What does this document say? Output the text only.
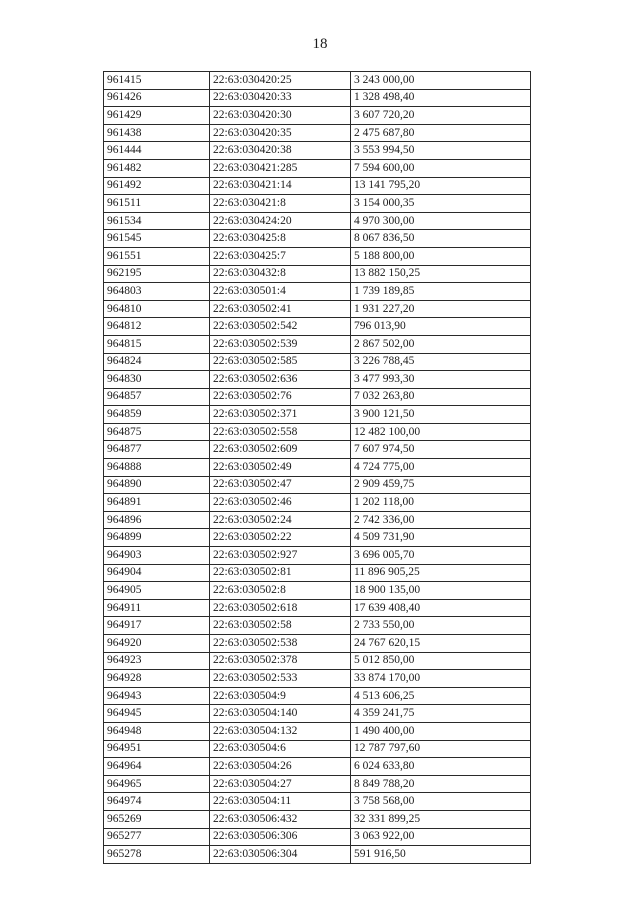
18
961415	22:63:030420:25	3 243 000,00
961426	22:63:030420:33	1 328 498,40
961429	22:63:030420:30	3 607 720,20
961438	22:63:030420:35	2 475 687,80
961444	22:63:030420:38	3 553 994,50
961482	22:63:030421:285	7 594 600,00
961492	22:63:030421:14	13 141 795,20
961511	22:63:030421:8	3 154 000,35
961534	22:63:030424:20	4 970 300,00
961545	22:63:030425:8	8 067 836,50
961551	22:63:030425:7	5 188 800,00
962195	22:63:030432:8	13 882 150,25
964803	22:63:030501:4	1 739 189,85
964810	22:63:030502:41	1 931 227,20
964812	22:63:030502:542	796 013,90
964815	22:63:030502:539	2 867 502,00
964824	22:63:030502:585	3 226 788,45
964830	22:63:030502:636	3 477 993,30
964857	22:63:030502:76	7 032 263,80
964859	22:63:030502:371	3 900 121,50
964875	22:63:030502:558	12 482 100,00
964877	22:63:030502:609	7 607 974,50
964888	22:63:030502:49	4 724 775,00
964890	22:63:030502:47	2 909 459,75
964891	22:63:030502:46	1 202 118,00
964896	22:63:030502:24	2 742 336,00
964899	22:63:030502:22	4 509 731,90
964903	22:63:030502:927	3 696 005,70
964904	22:63:030502:81	11 896 905,25
964905	22:63:030502:8	18 900 135,00
964911	22:63:030502:618	17 639 408,40
964917	22:63:030502:58	2 733 550,00
964920	22:63:030502:538	24 767 620,15
964923	22:63:030502:378	5 012 850,00
964928	22:63:030502:533	33 874 170,00
964943	22:63:030504:9	4 513 606,25
964945	22:63:030504:140	4 359 241,75
964948	22:63:030504:132	1 490 400,00
964951	22:63:030504:6	12 787 797,60
964964	22:63:030504:26	6 024 633,80
964965	22:63:030504:27	8 849 788,20
964974	22:63:030504:11	3 758 568,00
965269	22:63:030506:432	32 331 899,25
965277	22:63:030506:306	3 063 922,00
965278	22:63:030506:304	591 916,50
